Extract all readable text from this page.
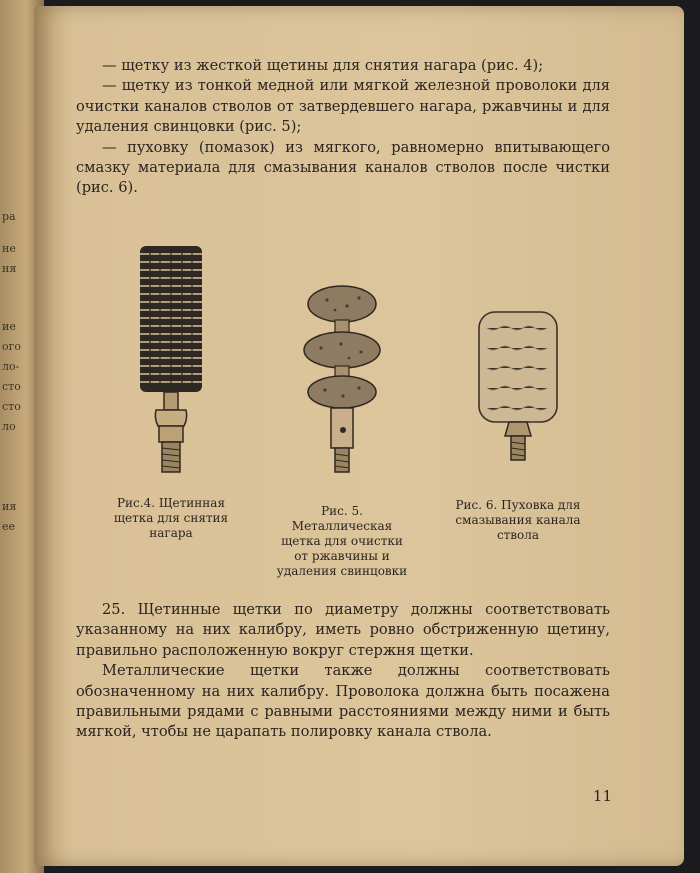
ра
не
ня
ие
ого
ло-
сто
сто
ло
ия
ее

— щетку из жесткой щетины для снятия нагара (рис. 4);

— щетку из тонкой медной или мягкой железной проволоки для очистки каналов стволов от затвердевшего нагара, ржавчины и для удаления свинцовки (рис. 5);

— пуховку (помазок) из мягкого, равномерно впитывающего смазку материала для смазывания каналов стволов после чистки (рис. 6).

Рис.4. Щетинная щетка для снятия нагара
Рис. 5. Металлическая щетка для очистки от ржавчины и удаления свинцовки
Рис. 6. Пуховка для смазывания канала ствола

25. Щетинные щетки по диаметру должны соответствовать указанному на них калибру, иметь ровно обстриженную щетину, правильно расположенную вокруг стержня щетки.

Металлические щетки также должны соответствовать обозначенному на них калибру. Проволока должна быть посажена правильными рядами с равными расстояниями между ними и быть мягкой, чтобы не царапать полировку канала ствола.

11
